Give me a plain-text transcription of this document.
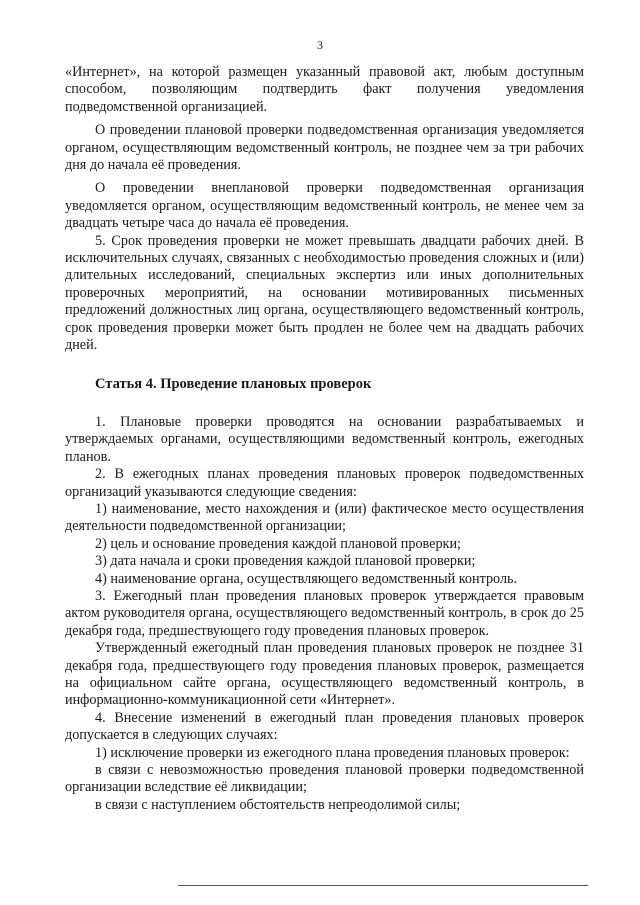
3

«Интернет», на которой размещен указанный правовой акт, любым доступным способом, позволяющим подтвердить факт получения уведомления подведомственной организацией.

О проведении плановой проверки подведомственная организация уведомляется органом, осуществляющим ведомственный контроль, не позднее чем за три рабочих дня до начала её проведения.

О проведении внеплановой проверки подведомственная организация уведомляется органом, осуществляющим ведомственный контроль, не менее чем за двадцать четыре часа до начала её проведения.

5. Срок проведения проверки не может превышать двадцати рабочих дней. В исключительных случаях, связанных с необходимостью проведения сложных и (или) длительных исследований, специальных экспертиз или иных дополнительных проверочных мероприятий, на основании мотивированных письменных предложений должностных лиц органа, осуществляющего ведомственный контроль, срок проведения проверки может быть продлен не более чем на двадцать рабочих дней.

Статья 4. Проведение плановых проверок

1. Плановые проверки проводятся на основании разрабатываемых и утверждаемых органами, осуществляющими ведомственный контроль, ежегодных планов.

2. В ежегодных планах проведения плановых проверок подведомственных организаций указываются следующие сведения:

1) наименование, место нахождения и (или) фактическое место осуществления деятельности подведомственной организации;

2) цель и основание проведения каждой плановой проверки;

3) дата начала и сроки проведения каждой плановой проверки;

4) наименование органа, осуществляющего ведомственный контроль.

3. Ежегодный план проведения плановых проверок утверждается правовым актом руководителя органа, осуществляющего ведомственный контроль, в срок до 25 декабря года, предшествующего году проведения плановых проверок.

Утвержденный ежегодный план проведения плановых проверок не позднее 31 декабря года, предшествующего году проведения плановых проверок, размещается на официальном сайте органа, осуществляющего ведомственный контроль, в информационно-коммуникационной сети «Интернет».

4. Внесение изменений в ежегодный план проведения плановых проверок допускается в следующих случаях:

1) исключение проверки из ежегодного плана проведения плановых проверок:

в связи с невозможностью проведения плановой проверки подведомственной организации вследствие её ликвидации;

в связи с наступлением обстоятельств непреодолимой силы;
